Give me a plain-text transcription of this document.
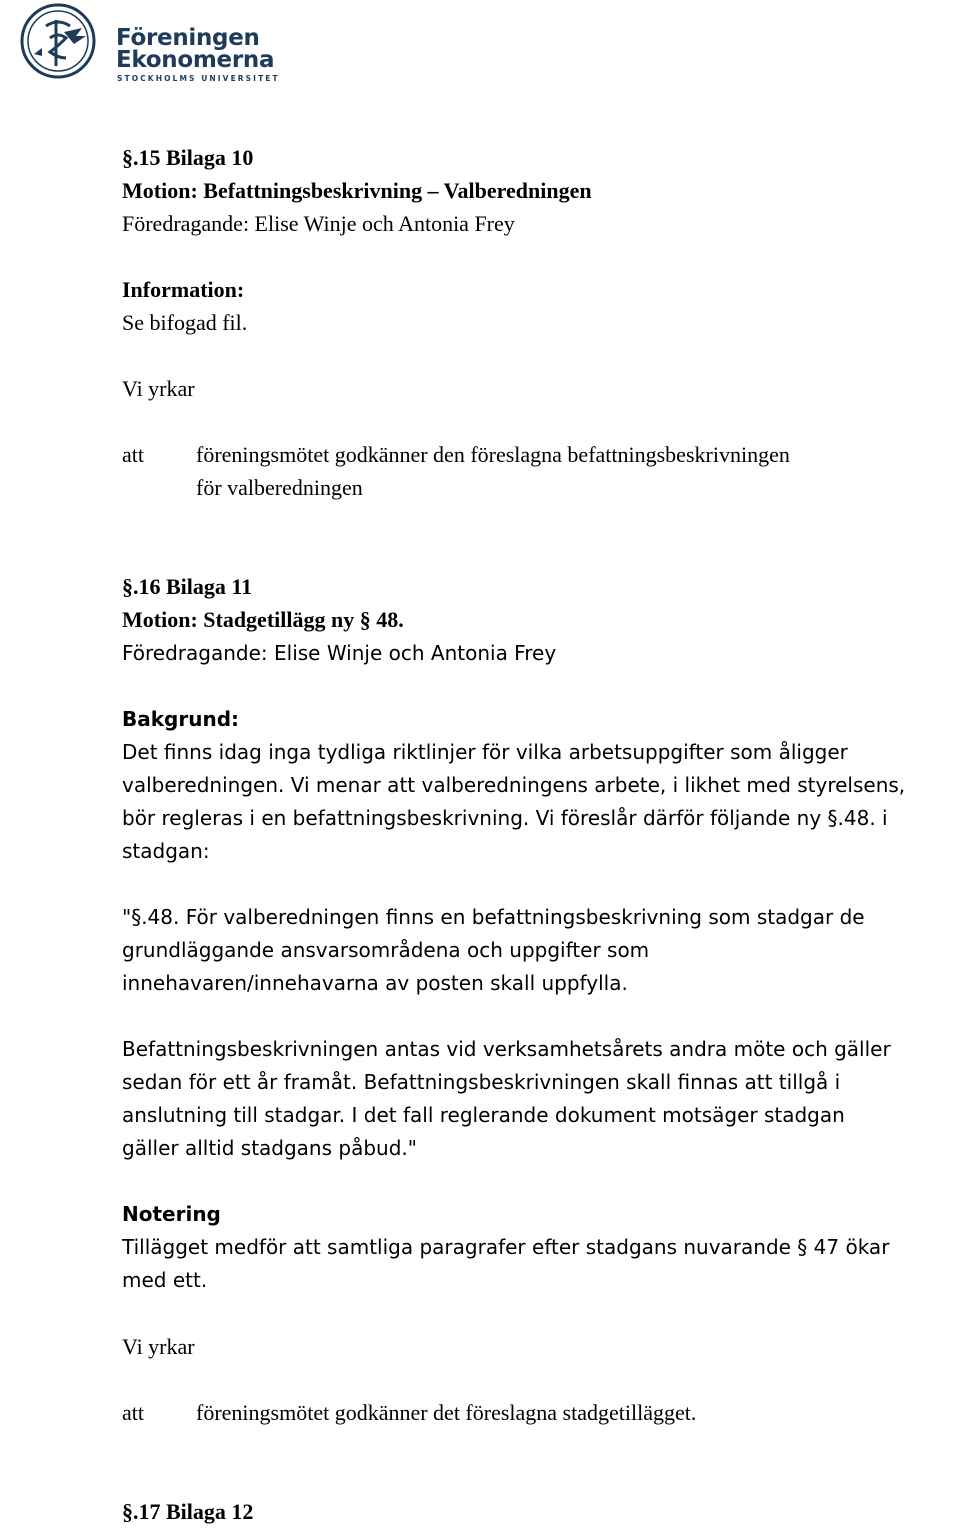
Föreningen
Ekonomerna
STOCKHOLMS UNIVERSITET
§.15 Bilaga 10
Motion: Befattningsbeskrivning – Valberedningen
Föredragande: Elise Winje och Antonia Frey
Information:
Se bifogad fil.
Vi yrkar
att föreningsmötet godkänner den föreslagna befattningsbeskrivningen
för valberedningen
§.16 Bilaga 11
Motion: Stadgetillägg ny § 48.
Föredragande: Elise Winje och Antonia Frey
Bakgrund:
Det finns idag inga tydliga riktlinjer för vilka arbetsuppgifter som åligger
valberedningen. Vi menar att valberedningens arbete, i likhet med styrelsens,
bör regleras i en befattningsbeskrivning. Vi föreslår därför följande ny §.48. i
stadgan:
"§.48. För valberedningen finns en befattningsbeskrivning som stadgar de
grundläggande ansvarsområdena och uppgifter som
innehavaren/innehavarna av posten skall uppfylla.
Befattningsbeskrivningen antas vid verksamhetsårets andra möte och gäller
sedan för ett år framåt. Befattningsbeskrivningen skall finnas att tillgå i
anslutning till stadgar. I det fall reglerande dokument motsäger stadgan
gäller alltid stadgans påbud."
Notering
Tillägget medför att samtliga paragrafer efter stadgans nuvarande § 47 ökar
med ett.
Vi yrkar
att föreningsmötet godkänner det föreslagna stadgetillägget.
§.17 Bilaga 12
